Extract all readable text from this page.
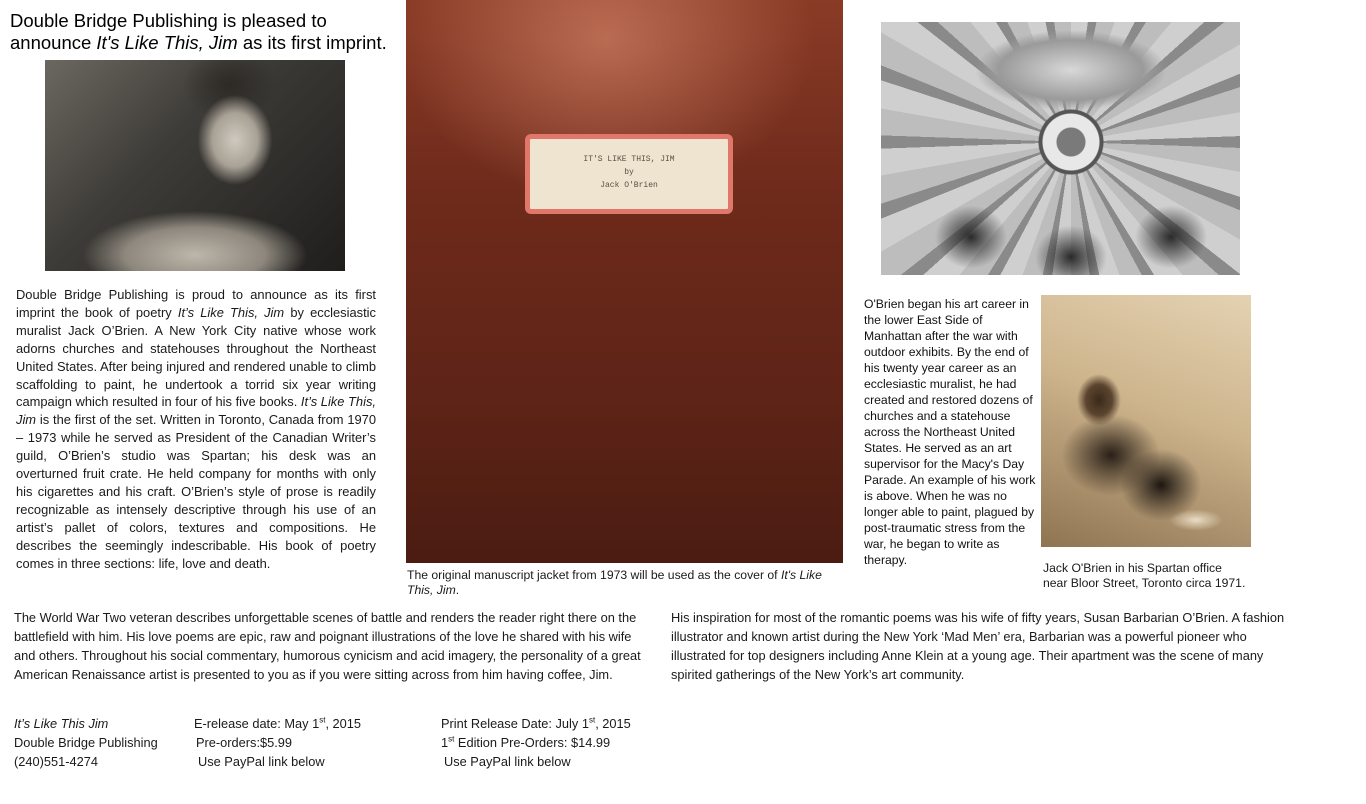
Double Bridge Publishing is pleased to
announce It's Like This, Jim as its first imprint.
IT'S LIKE THIS, JIM
by
Jack O'Brien
Double Bridge Publishing is proud to announce as its first imprint the book of poetry It’s Like This, Jim by ecclesiastic muralist Jack O’Brien. A New York City native whose work adorns churches and statehouses throughout the Northeast United States. After being injured and rendered unable to climb scaffolding to paint, he undertook a torrid six year writing campaign which resulted in four of his five books. It’s Like This, Jim is the first of the set. Written in Toronto, Canada from 1970 – 1973 while he served as President of the Canadian Writer’s guild, O’Brien’s studio was Spartan; his desk was an overturned fruit crate. He held company for months with only his cigarettes and his craft. O’Brien’s style of prose is readily recognizable as intensely descriptive through his use of an artist’s pallet of colors, textures and compositions. He describes the seemingly indescribable. His book of poetry comes in three sections: life, love and death.
The original manuscript jacket from 1973 will be used as the cover of It's Like This, Jim.
O'Brien began his art career in the lower East Side of Manhattan after the war with outdoor exhibits. By the end of his twenty year career as an ecclesiastic muralist, he had created and restored dozens of churches and a statehouse across the Northeast United States. He served as an art supervisor for the Macy's Day Parade. An example of his work is above. When he was no longer able to paint, plagued by post-traumatic stress from the war, he began to write as therapy.
Jack O'Brien in his Spartan office
near Bloor Street, Toronto circa 1971.
The World War Two veteran describes unforgettable scenes of battle and renders the reader right there on the battlefield with him. His love poems are epic, raw and poignant illustrations of the love he shared with his wife and others. Throughout his social commentary, humorous cynicism and acid imagery, the personality of a great American Renaissance artist is presented to you as if you were sitting across from him having coffee, Jim.
His inspiration for most of the romantic poems was his wife of fifty years, Susan Barbarian O’Brien. A fashion illustrator and known artist during the New York ‘Mad Men’ era, Barbarian was a powerful pioneer who illustrated for top designers including Anne Klein at a young age. Their apartment was the scene of many spirited gatherings of the New York’s art community.
It’s Like This Jim
Double Bridge Publishing
(240)551-4274
E-release date: May 1st, 2015
Pre-orders:$5.99
Use PayPal link below
Print Release Date: July 1st, 2015
1st Edition Pre-Orders: $14.99
Use PayPal link below
